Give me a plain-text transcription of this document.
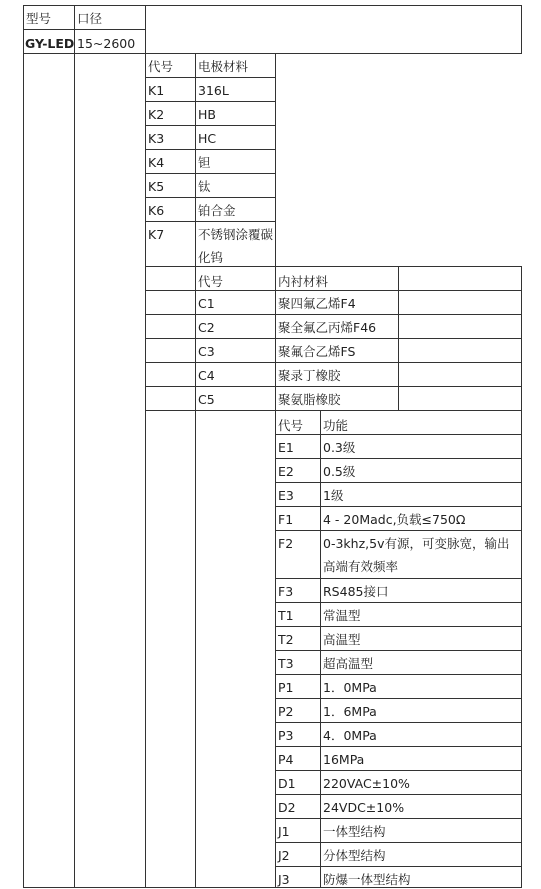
型号	口径
GY-LED 15~2600
代号	电极材料
K1	316L
K2	HB
K3	HC
K4	钽
K5	钛
K6	铂合金
K7	不锈钢涂覆碳化钨
代号	内衬材料
C1	聚四氟乙烯F4
C2	聚全氟乙丙烯F46
C3	聚氟合乙烯FS
C4	聚录丁橡胶
C5	聚氨脂橡胶
代号	功能
E1	0.3级
E2	0.5级
E3	1级
F1	4 - 20Madc,负载≤750Ω
F2	0-3khz,5v有源，可变脉宽，输出高端有效频率
F3	RS485接口
T1	常温型
T2	高温型
T3	超高温型
P1	1．0MPa
P2	1．6MPa
P3	4．0MPa
P4	16MPa
D1	220VAC±10%
D2	24VDC±10%
J1	一体型结构
J2	分体型结构
J3	防爆一体型结构
